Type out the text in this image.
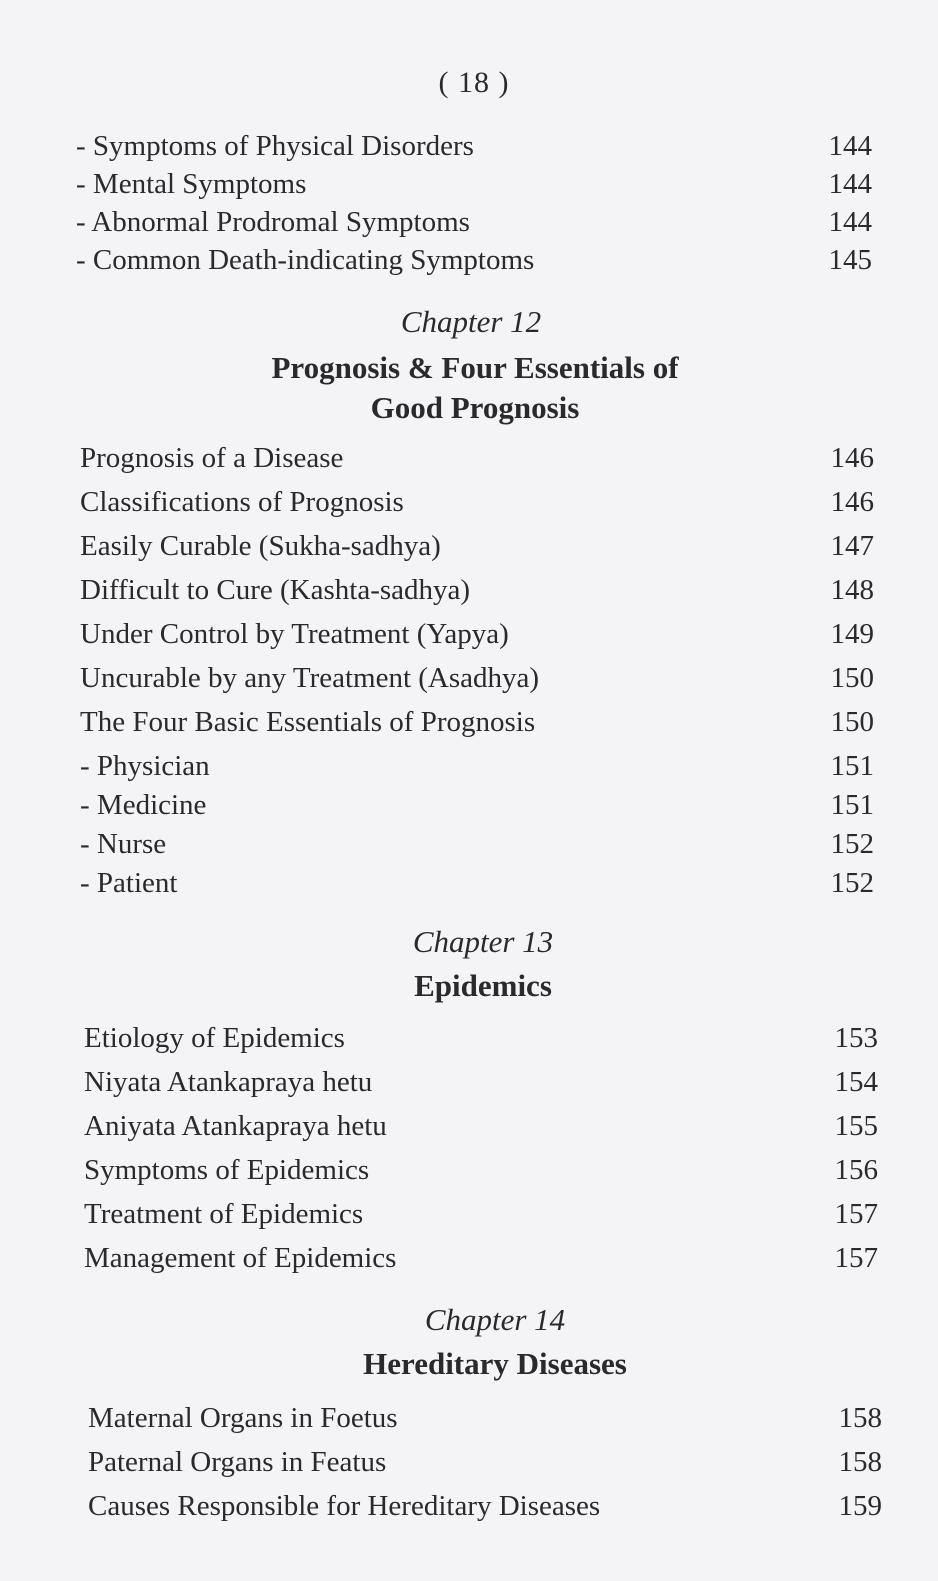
( 18 )
- Symptoms of Physical Disorders	144
- Mental Symptoms	144
- Abnormal Prodromal Symptoms	144
- Common Death-indicating Symptoms	145
Chapter 12
Prognosis & Four Essentials of
Good Prognosis
Prognosis of a Disease	146
Classifications of Prognosis	146
Easily Curable (Sukha-sadhya)	147
Difficult to Cure (Kashta-sadhya)	148
Under Control by Treatment (Yapya)	149
Uncurable by any Treatment (Asadhya)	150
The Four Basic Essentials of Prognosis	150
- Physician	151
- Medicine	151
- Nurse	152
- Patient	152
Chapter 13
Epidemics
Etiology of Epidemics	153
Niyata Atankapraya hetu	154
Aniyata Atankapraya hetu	155
Symptoms of Epidemics	156
Treatment of Epidemics	157
Management of Epidemics	157
Chapter 14
Hereditary Diseases
Maternal Organs in Foetus	158
Paternal Organs in Featus	158
Causes Responsible for Hereditary Diseases	159
